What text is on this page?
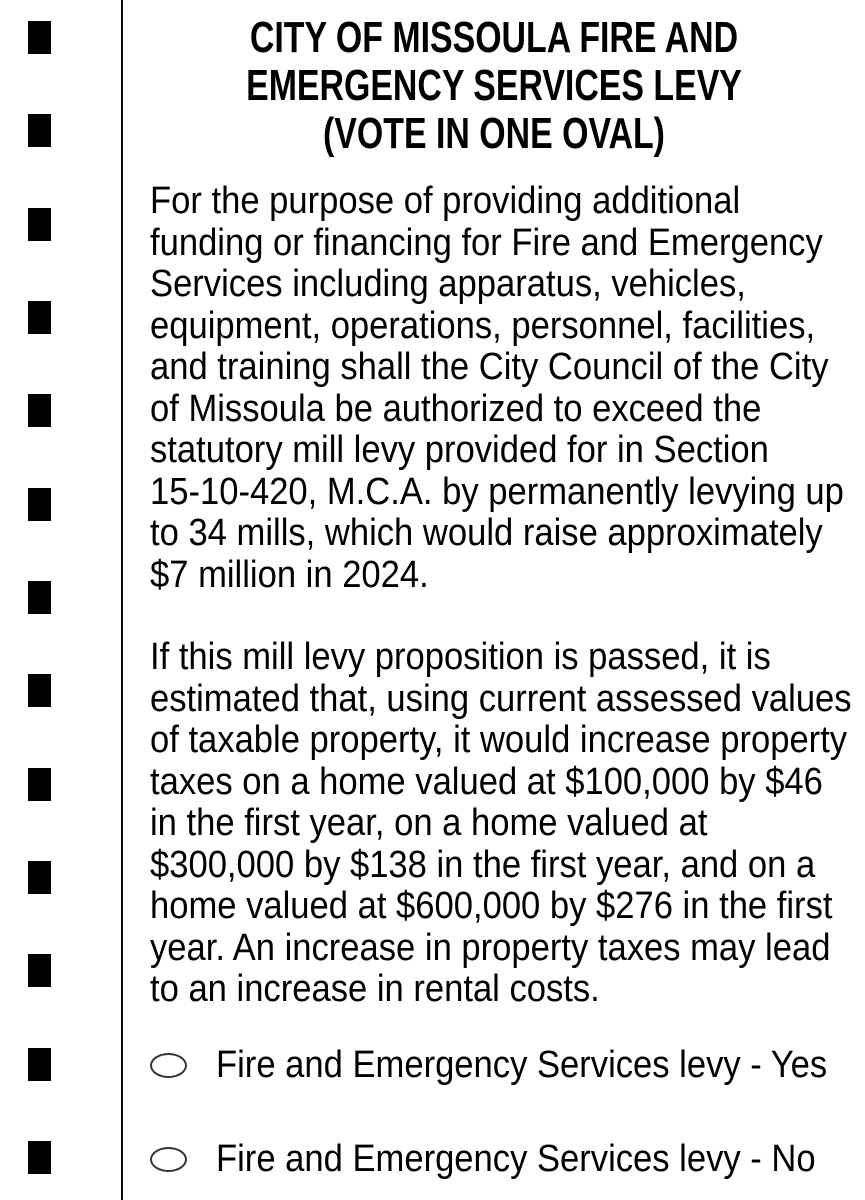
CITY OF MISSOULA FIRE AND
EMERGENCY SERVICES LEVY
(VOTE IN ONE OVAL)
For the purpose of providing additional
funding or financing for Fire and Emergency
Services including apparatus, vehicles,
equipment, operations, personnel, facilities,
and training shall the City Council of the City
of Missoula be authorized to exceed the
statutory mill levy provided for in Section
15-10-420, M.C.A. by permanently levying up
to 34 mills, which would raise approximately
$7 million in 2024.
If this mill levy proposition is passed, it is
estimated that, using current assessed values
of taxable property, it would increase property
taxes on a home valued at $100,000 by $46
in the first year, on a home valued at
$300,000 by $138 in the first year, and on a
home valued at $600,000 by $276 in the first
year. An increase in property taxes may lead
to an increase in rental costs.
Fire and Emergency Services levy - Yes
Fire and Emergency Services levy - No
